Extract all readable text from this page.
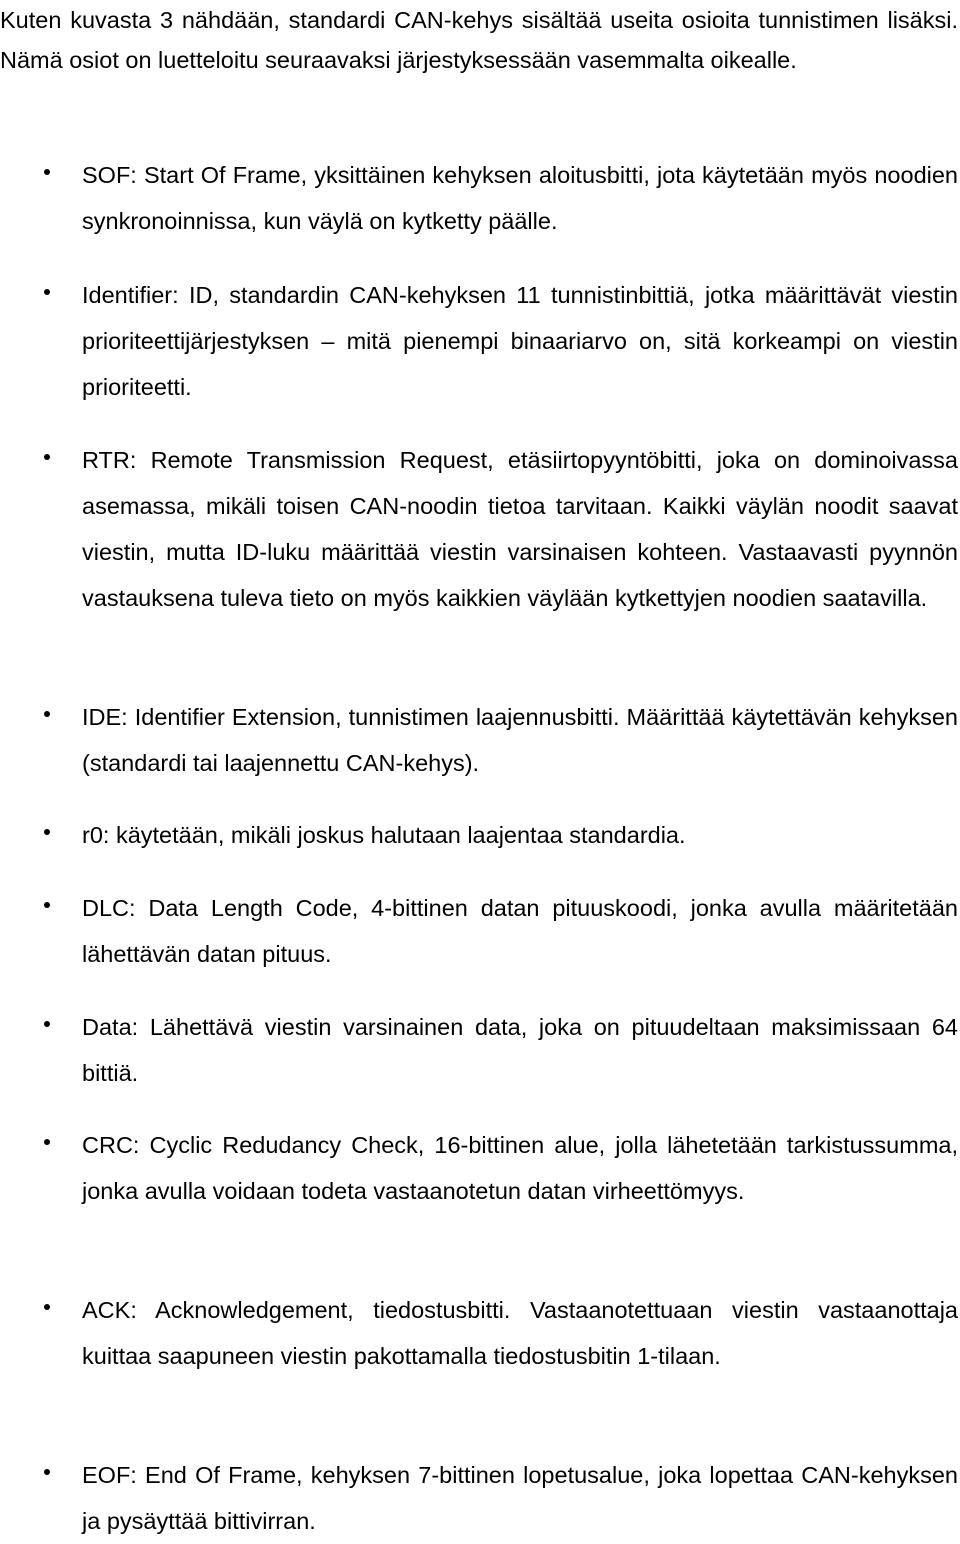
Kuten kuvasta 3 nähdään, standardi CAN-kehys sisältää useita osioita tunnistimen lisäksi. Nämä osiot on luetteloitu seuraavaksi järjestyksessään vasemmalta oikealle.

SOF: Start Of Frame, yksittäinen kehyksen aloitusbitti, jota käytetään myös noodien synkronoinnissa, kun väylä on kytketty päälle.
Identifier: ID, standardin CAN-kehyksen 11 tunnistinbittiä, jotka määrittävät viestin prioriteettijärjestyksen – mitä pienempi binaariarvo on, sitä korkeampi on viestin prioriteetti.
RTR: Remote Transmission Request, etäsiirtopyyntöbitti, joka on dominoivassa asemassa, mikäli toisen CAN-noodin tietoa tarvitaan. Kaikki väylän noodit saavat viestin, mutta ID-luku määrittää viestin varsinaisen kohteen. Vastaavasti pyynnön vastauksena tuleva tieto on myös kaikkien väylään kytkettyjen noodien saatavilla.
IDE: Identifier Extension, tunnistimen laajennusbitti. Määrittää käytettävän kehyksen (standardi tai laajennettu CAN-kehys).
r0: käytetään, mikäli joskus halutaan laajentaa standardia.
DLC: Data Length Code, 4-bittinen datan pituuskoodi, jonka avulla määritetään lähettävän datan pituus.
Data: Lähettävä viestin varsinainen data, joka on pituudeltaan maksimissaan 64 bittiä.
CRC: Cyclic Redudancy Check, 16-bittinen alue, jolla lähetetään tarkistussumma, jonka avulla voidaan todeta vastaanotetun datan virheettömyys.
ACK: Acknowledgement, tiedostusbitti. Vastaanotettuaan viestin vastaanottaja kuittaa saapuneen viestin pakottamalla tiedostusbitin 1-tilaan.
EOF: End Of Frame, kehyksen 7-bittinen lopetusalue, joka lopettaa CAN-kehyksen ja pysäyttää bittivirran.
